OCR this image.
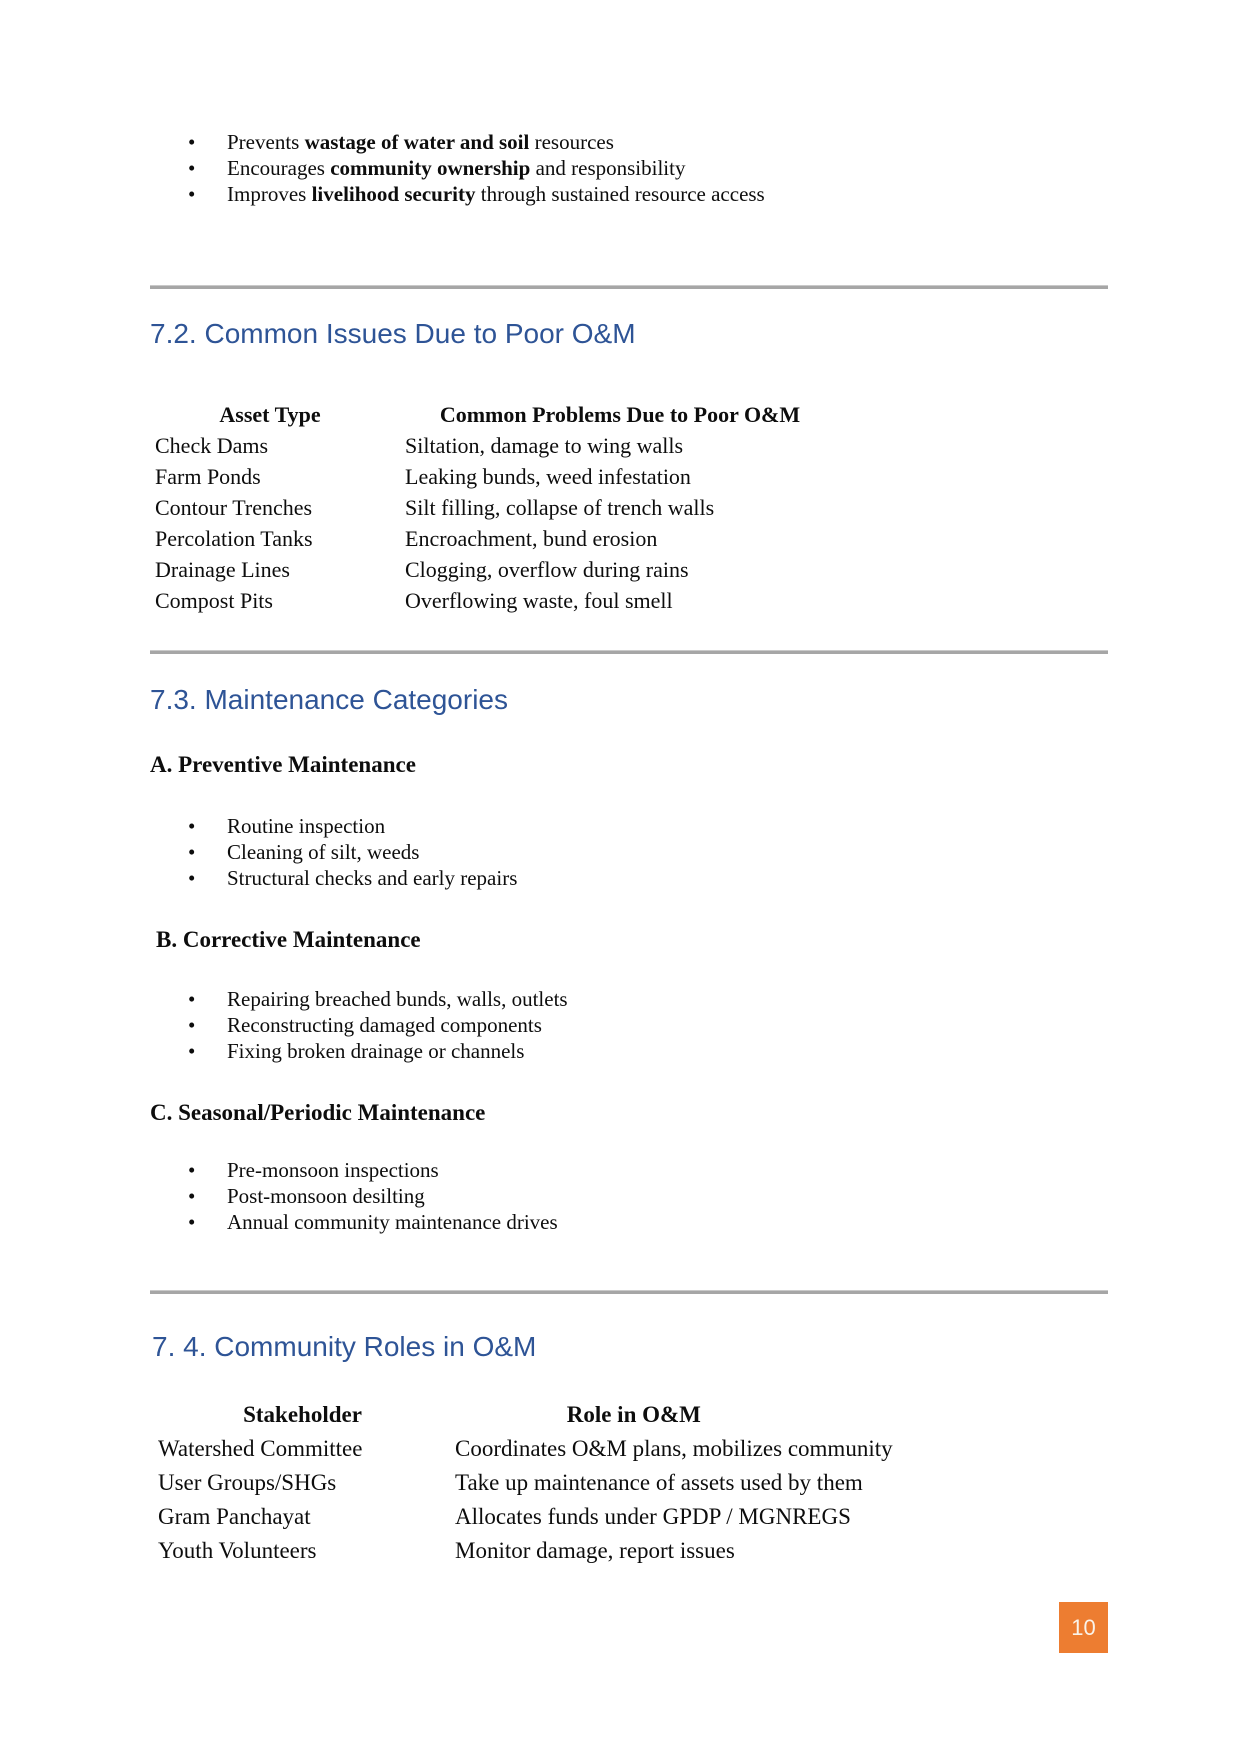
• Prevents wastage of water and soil resources
• Encourages community ownership and responsibility
• Improves livelihood security through sustained resource access
7.2. Common Issues Due to Poor O&M
Asset Type	Common Problems Due to Poor O&M
Check Dams	Siltation, damage to wing walls
Farm Ponds	Leaking bunds, weed infestation
Contour Trenches	Silt filling, collapse of trench walls
Percolation Tanks	Encroachment, bund erosion
Drainage Lines	Clogging, overflow during rains
Compost Pits	Overflowing waste, foul smell
7.3. Maintenance Categories
A. Preventive Maintenance
• Routine inspection
• Cleaning of silt, weeds
• Structural checks and early repairs
B. Corrective Maintenance
• Repairing breached bunds, walls, outlets
• Reconstructing damaged components
• Fixing broken drainage or channels
C. Seasonal/Periodic Maintenance
• Pre-monsoon inspections
• Post-monsoon desilting
• Annual community maintenance drives
7. 4. Community Roles in O&M
Stakeholder	Role in O&M
Watershed Committee	Coordinates O&M plans, mobilizes community
User Groups/SHGs	Take up maintenance of assets used by them
Gram Panchayat	Allocates funds under GPDP / MGNREGS
Youth Volunteers	Monitor damage, report issues
10
